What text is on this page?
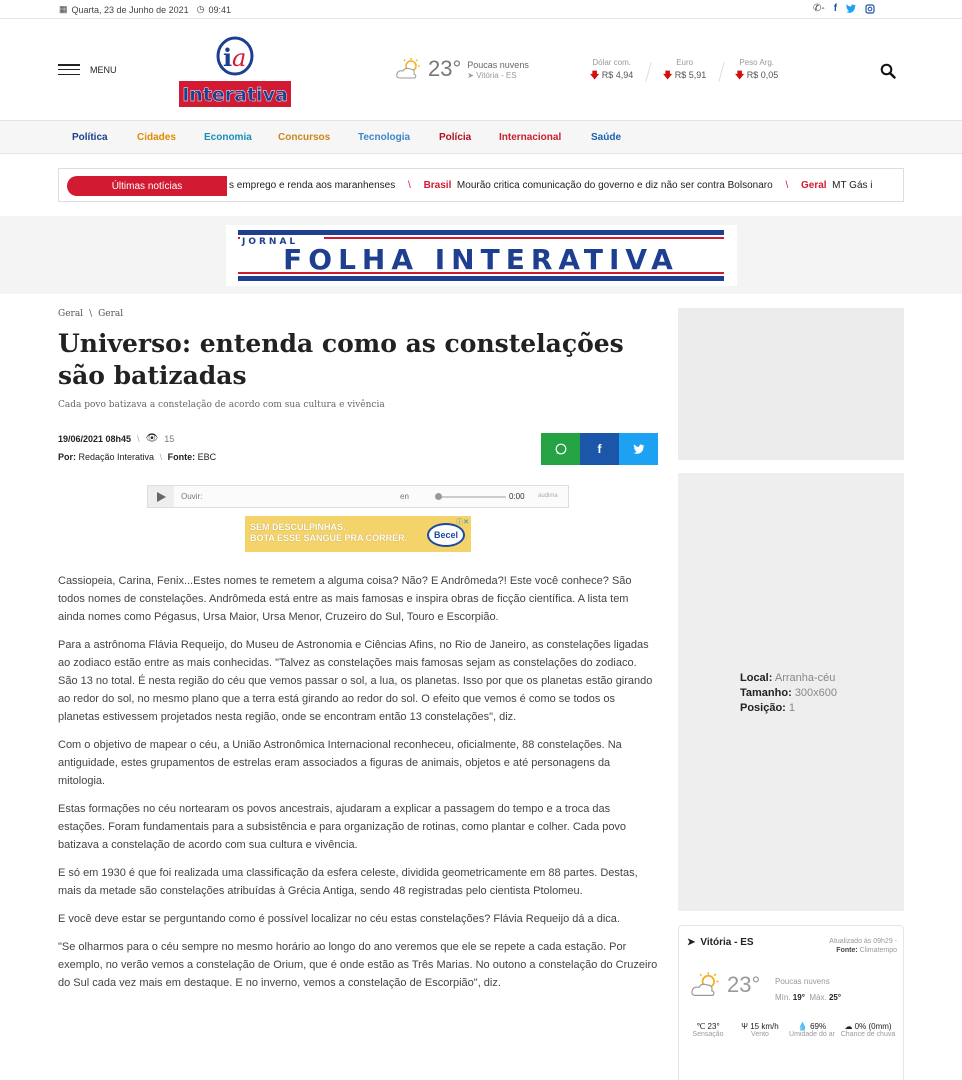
▦ Quarta, 23 de Junho de 2021 ◷ 09:41	✆- f
MENU	i a
Interativa
23° Poucas nuvens
➤ Vitória - ES
Dólar com.
🡇 R$ 4,94
Euro
🡇 R$ 5,91
Peso Arg.
🡇 R$ 0,05
Política	Cidades	Economia	Concursos	Tecnologia	Polícia	Internacional	Saúde
Últimas notícias	s emprego e renda aos maranhenses \ Brasil Mourão critica comunicação do governo e diz não ser contra Bolsonaro \ Geral MT Gás i
JORNAL
FOLHA INTERATIVA
Geral \ Geral
Universo: entenda como as constelações são batizadas
Cada povo batizava a constelação de acordo com sua cultura e vivência
19/06/2021 08h45 \ 👁 15
Por: Redação Interativa \ Fonte: EBC
f
Ouvir:	en	0:00 audima
SEM DESCULPINHAS.
BOTA ESSE SANGUE PRA CORRER.	Becel
ⓘ✕

Cassiopeia, Carina, Fenix...Estes nomes te remetem a alguma coisa? Não? E Andrômeda?! Este você conhece? São todos nomes de constelações. Andrômeda está entre as mais famosas e inspira obras de ficção científica. A lista tem ainda nomes como Pégasus, Ursa Maior, Ursa Menor, Cruzeiro do Sul, Touro e Escorpião.

Para a astrônoma Flávia Requeijo, do Museu de Astronomia e Ciências Afins, no Rio de Janeiro, as constelações ligadas ao zodiaco estão entre as mais conhecidas. "Talvez as constelações mais famosas sejam as constelações do zodiaco. São 13 no total. É nesta região do céu que vemos passar o sol, a lua, os planetas. Isso por que os planetas estão girando ao redor do sol, no mesmo plano que a terra está girando ao redor do sol. O efeito que vemos é como se todos os planetas estivessem projetados nesta região, onde se encontram então 13 constelações", diz.

Com o objetivo de mapear o céu, a União Astronômica Internacional reconheceu, oficialmente, 88 constelações. Na antiguidade, estes grupamentos de estrelas eram associados a figuras de animais, objetos e até personagens da mitologia.

Estas formações no céu nortearam os povos ancestrais, ajudaram a explicar a passagem do tempo e a troca das estações. Foram fundamentais para a subsistência e para organização de rotinas, como plantar e colher. Cada povo batizava a constelação de acordo com sua cultura e vivência.

E só em 1930 é que foi realizada uma classificação da esfera celeste, dividida geometricamente em 88 partes. Destas, mais da metade são constelações atribuídas à Grécia Antiga, sendo 48 registradas pelo cientista Ptolomeu.

E você deve estar se perguntando como é possível localizar no céu estas constelações? Flávia Requeijo dá a dica.

"Se olharmos para o céu sempre no mesmo horário ao longo do ano veremos que ele se repete a cada estação. Por exemplo, no verão vemos a constelação de Orium, que é onde estão as Três Marias. No outono a constelação do Cruzeiro do Sul cada vez mais em destaque. E no inverno, vemos a constelação de Escorpião", diz.

Local: Arranha-céu
Tamanho: 300x600
Posição: 1
➤ Vitória - ES	Atualizado às 09h29 -
Fonte: Climatempo
23° Poucas nuvens
Mín. 19° Máx. 25°
℃ 23°
Sensação
Ψ 15 km/h
Vento
💧 69%
Umidade do ar
☁ 0% (0mm)
Chance de chuva
